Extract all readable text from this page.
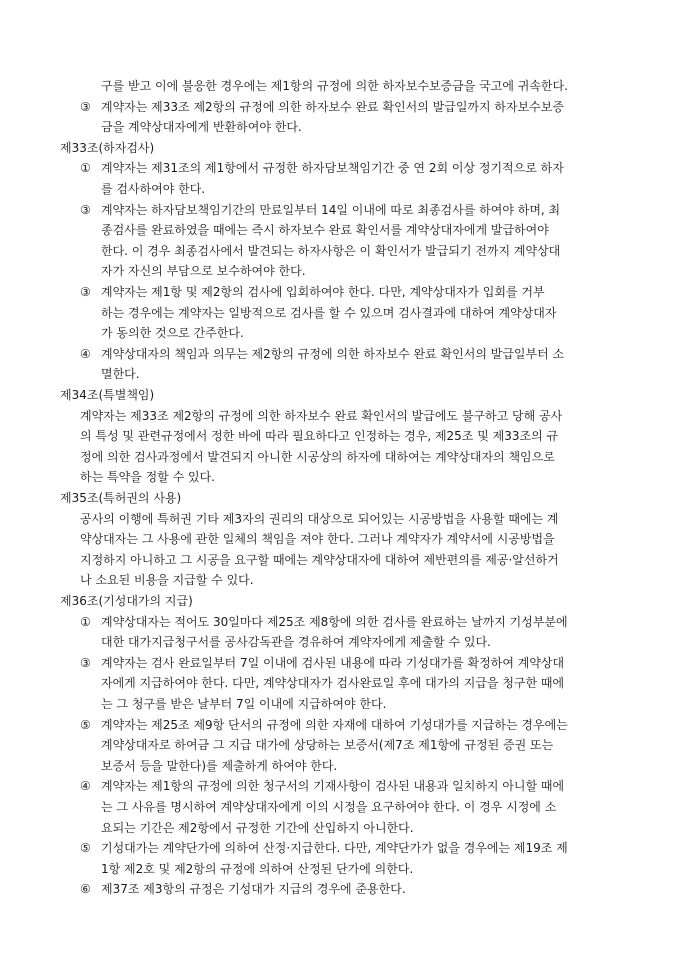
구를 받고 이에 불응한 경우에는 제1항의 규정에 의한 하자보수보증금을 국고에 귀속한다.
③ 계약자는 제33조 제2항의 규정에 의한 하자보수 완료 확인서의 발급일까지 하자보수보증
금을 계약상대자에게 반환하여야 한다.
제33조(하자검사)
① 계약자는 제31조의 제1항에서 규정한 하자담보책임기간 중 연 2회 이상 정기적으로 하자
를 검사하여야 한다.
③ 계약자는 하자담보책임기간의 만료일부터 14일 이내에 따로 최종검사를 하여야 하며, 최
종검사를 완료하였을 때에는 즉시 하자보수 완료 확인서를 계약상대자에게 발급하여야
한다. 이 경우 최종검사에서 발견되는 하자사항은 이 확인서가 발급되기 전까지 계약상대
자가 자신의 부담으로 보수하여야 한다.
③ 계약자는 제1항 및 제2항의 검사에 입회하여야 한다. 다만, 계약상대자가 입회를 거부
하는 경우에는 계약자는 일방적으로 검사를 할 수 있으며 검사결과에 대하여 계약상대자
가 동의한 것으로 간주한다.
④ 계약상대자의 책임과 의무는 제2항의 규정에 의한 하자보수 완료 확인서의 발급일부터 소
멸한다.
제34조(특별책임)
계약자는 제33조 제2항의 규정에 의한 하자보수 완료 확인서의 발급에도 불구하고 당해 공사
의 특성 및 관련규정에서 정한 바에 따라 필요하다고 인정하는 경우, 제25조 및 제33조의 규
정에 의한 검사과정에서 발견되지 아니한 시공상의 하자에 대하여는 계약상대자의 책임으로
하는 특약을 정할 수 있다.
제35조(특허권의 사용)
공사의 이행에 특허권 기타 제3자의 권리의 대상으로 되어있는 시공방법을 사용할 때에는 계
약상대자는 그 사용에 관한 일체의 책임을 져야 한다. 그러나 계약자가 계약서에 시공방법을
지정하지 아니하고 그 시공을 요구할 때에는 계약상대자에 대하여 제반편의를 제공·알선하거
나 소요된 비용을 지급할 수 있다.
제36조(기성대가의 지급)
① 계약상대자는 적어도 30일마다 제25조 제8항에 의한 검사를 완료하는 날까지 기성부분에
대한 대가지급청구서를 공사감독관을 경유하여 계약자에게 제출할 수 있다.
③ 계약자는 검사 완료일부터 7일 이내에 검사된 내용에 따라 기성대가를 확정하여 계약상대
자에게 지급하여야 한다. 다만, 계약상대자가 검사완료일 후에 대가의 지급을 청구한 때에
는 그 청구를 받은 날부터 7일 이내에 지급하여야 한다.
⑤ 계약자는 제25조 제9항 단서의 규정에 의한 자재에 대하여 기성대가를 지급하는 경우에는
계약상대자로 하여금 그 지급 대가에 상당하는 보증서(제7조 제1항에 규정된 증권 또는
보증서 등을 말한다)를 제출하게 하여야 한다.
④ 계약자는 제1항의 규정에 의한 청구서의 기재사항이 검사된 내용과 일치하지 아니할 때에
는 그 사유를 명시하여 계약상대자에게 이의 시정을 요구하여야 한다. 이 경우 시정에 소
요되는 기간은 제2항에서 규정한 기간에 산입하지 아니한다.
⑤ 기성대가는 계약단가에 의하여 산정·지급한다. 다만, 계약단가가 없을 경우에는 제19조 제
1항 제2호 및 제2항의 규정에 의하여 산정된 단가에 의한다.
⑥ 제37조 제3항의 규정은 기성대가 지급의 경우에 준용한다.
